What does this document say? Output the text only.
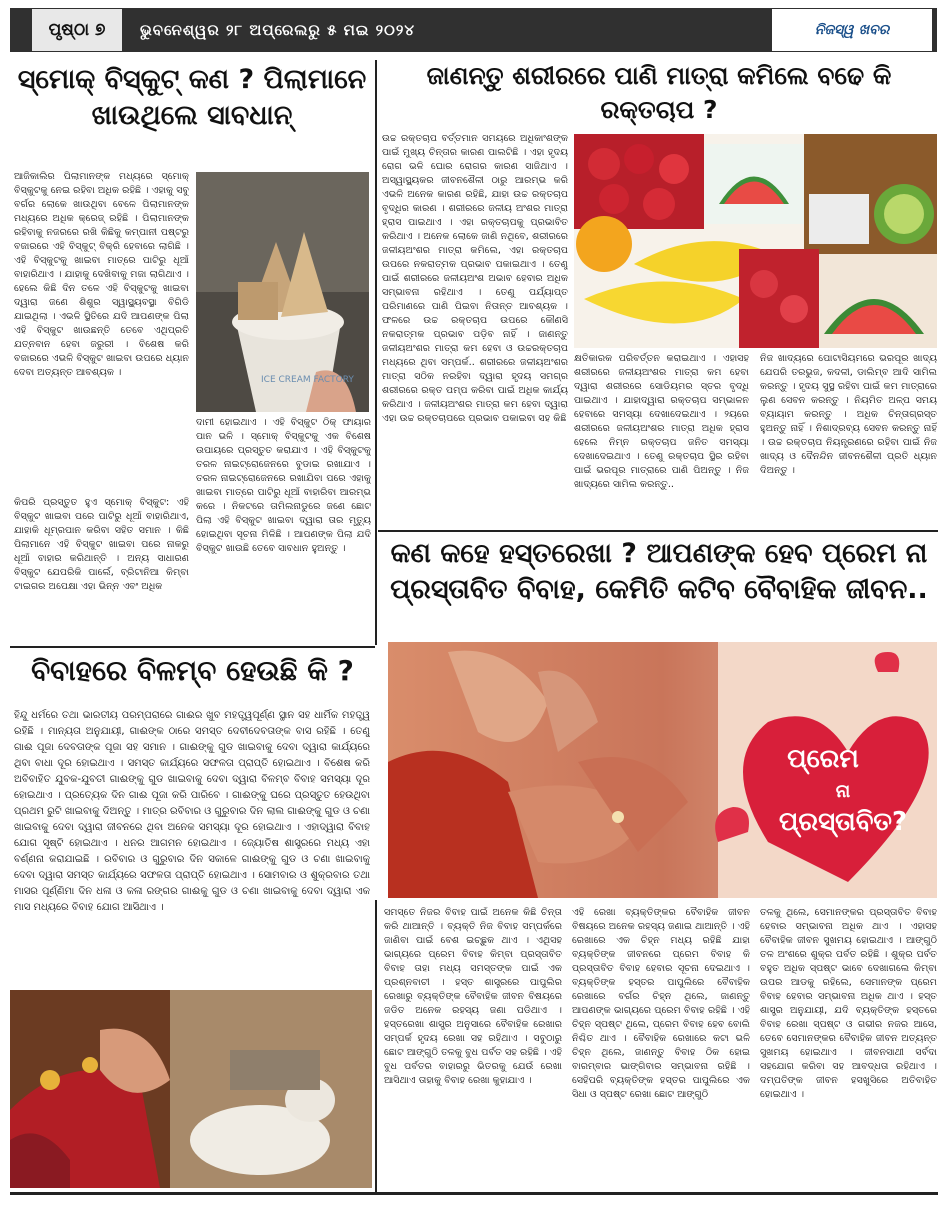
ପୃଷ୍ଠା ୭	ଭୁବନେଶ୍ୱର ୨୮ ଅପ୍ରେଲରୁ ୫ ମଇ ୨୦୨୪	ନିଜସ୍ୱ ଖବର
ସ୍ମୋକ୍ ବିସ୍କୁଟ୍ କଣ ? ପିଲାମାନେ ଖାଉଥିଲେ ସାବଧାନ୍
ଆଜିକାଲିର ପିଲାମାନଙ୍କ ମଧ୍ୟରେ ସ୍ମୋକ୍ ବିସ୍କୁଟକୁ ନେଇ ରହିବା ଅଧିକ ରହିଛି । ଏହାକୁ ସବୁ ବର୍ଗର ଲୋକେ ଖାଉଥିବା ବେଳେ ପିଲାମାନଙ୍କ ମଧ୍ୟରେ ଅଧିକ କ୍ରେଜ୍ ରହିଛି । ପିଲାମାନଙ୍କ ରହିବାକୁ ନଜରରେ ରଖି କିଛିକୁ କମ୍ପାନୀ ପଷ୍ଟରୁ ବଜାରରେ ଏହି ବିସ୍କୁଟ୍ ବିକ୍ରି ହେବାରେ ଲାଗିଛି । ଏହି ବିସ୍କୁଟକୁ ଖାଇବା ମାତ୍ରେ ପାଟିରୁ ଧୂଆଁ ବାହାରିଥାଏ । ଯାହାକୁ ଦେଖିବାକୁ ମଜା ଲାଗିଥାଏ । ହେଲେ କିଛି ଦିନ ତଳେ ଏହି ବିସ୍କୁଟକୁ ଖାଇବା ଦ୍ୱାରା ଜଣେ ଶିଶୁର ସ୍ୱାସ୍ଥ୍ୟବସ୍ଥା ବିଗିଡି ଯାଇଥିଲା । ଏଭଳି ସ୍ଥିତିରେ ଯଦି ଆପଣଙ୍କ ପିଲା ଏହି ବିସ୍କୁଟ ଖାଉଛନ୍ତି ତେବେ ଏଥିପ୍ରତି ଯତ୍ନବାନ ହେବା ଜରୁରୀ । ବିଶେଷ କରି ବଜାରରେ ଏଭଳି ବିସ୍କୁଟ ଖାଇବା ଉପରେ ଧ୍ୟାନ ଦେବା ଅତ୍ୟନ୍ତ ଆବଶ୍ୟକ ।
ICE CREAM FACTORY
କିପରି ପ୍ରସ୍ତୁତ ହୁଏ ସ୍ମୋକ୍ ବିସ୍କୁଟ: ଏହି ବିସ୍କୁଟ ଖାଇବା ପରେ ପାଟିରୁ ଧୂଆଁ ବାହାରିଥାଏ, ଯାହାକି ଧୂମ୍ରପାନ କରିବା ସହିତ ସମାନ । କିଛି ପିଲାମାନେ ଏହି ବିସ୍କୁଟ ଖାଇବା ପରେ ନାକରୁ ଧୂଆଁ ବାହାର କରିଥାନ୍ତି । ଅନ୍ୟ ସାଧାରଣ ବିସ୍କୁଟ ଯେପରିକି ପାର୍ଲେ, ବ୍ରିଟାନିଆ କିମ୍ବା ଟାଇଗର ଅପେକ୍ଷା ଏହା ଭିନ୍ନ ଏବଂ ଅଧିକ
ଦାମୀ ହୋଇଥାଏ । ଏହି ବିସ୍କୁଟ ଠିକ୍ ଫାୟାର ପାନ ଭଳି । ସ୍ମୋକ୍ ବିସ୍କୁଟକୁ ଏକ ବିଶେଷ ଉପାୟରେ ପ୍ରସ୍ତୁତ କରାଯାଏ । ଏହି ବିସ୍କୁଟକୁ ତରଳ ନାଇଟ୍ରୋଜେନରେ ବୁଡାଇ ରଖାଯାଏ । ତରଳ ନାଇଟ୍ରୋଜେନରେ ରଖାଯିବା ପରେ ଏହାକୁ ଖାଇବା ମାତ୍ରେ ପାଟିରୁ ଧୂଆଁ ବାହାରିବା ଆରମ୍ଭ କରେ । ନିକଟରେ ତାମିଲନାଡୁରେ ଜଣେ ଛୋଟ ପିଲା ଏହି ବିସ୍କୁଟ ଖାଇବା ଦ୍ୱାରା ତାର ମୃତ୍ୟୁ ହୋଇଥିବା ସୂଚନା ମିଳିଛି । ଆପଣଙ୍କ ପିଲା ଯଦି ବିସ୍କୁଟ ଖାଉଛି ତେବେ ସାବଧାନ ହୁଅନ୍ତୁ ।
ଜାଣନ୍ତୁ ଶରୀରରେ ପାଣି ମାତ୍ରା କମିଲେ ବଢେ କି ରକ୍ତଚାପ ?
ଉଚ୍ଚ ରକ୍ତଚାପ ବର୍ତ୍ତମାନ ସମୟରେ ଅଧିକାଂଶଙ୍କ ପାଇଁ ମୁଖ୍ୟ ଚିନ୍ତାର କାରଣ ପାଲଟିଛି । ଏହା ହୃଦୟ ରୋଗ ଭଳି ଘୋର ରୋଗର କାରଣ ସାଜିଥାଏ । ଅସ୍ୱାସ୍ଥ୍ୟକର ଜୀବନଶୈଳୀ ଠାରୁ ଆରମ୍ଭ କରି ଏଭଳି ଅନେକ କାରଣ ରହିଛି, ଯାହା ଉଚ୍ଚ ରକ୍ତଚାପ ବୃଦ୍ଧିର କାରଣ । ଶରୀରରେ ଜଳୀୟ ଅଂଶର ମାତ୍ରା ହ୍ରାସ ପାଇଥାଏ । ଏହା ରକ୍ତଚାପକୁ ପ୍ରଭାବିତ କରିଥାଏ । ଅନେକ ଲୋକେ ଜାଣି ନଥିବେ, ଶରୀରରେ ଜଳୀୟଅଂଶର ମାତ୍ରା କମିଲେ, ଏହା ରକ୍ତଚାପ ଉପରେ ନକରାତ୍ମକ ପ୍ରଭାବ ପକାଇଥାଏ । ତେଣୁ ପାଇଁ ଶରୀରରେ ଜଳୀୟଅଂଶ ଅଭାବ ହେବାର ଅଧିକ ସମ୍ଭାବନା ରହିଥାଏ । ତେଣୁ ପର୍ଯ୍ୟାପ୍ତ ପରିମାଣରେ ପାଣି ପିଇବା ନିତାନ୍ତ ଆବଶ୍ୟକ । ଫଳରେ ଉଚ୍ଚ ରକ୍ତଚାପ ଉପରେ କୌଣସି ନକରାତ୍ମକ ପ୍ରଭାବ ପଡ଼ିବ ନାହିଁ । ଜାଣନ୍ତୁ ଜଳୀୟଅଂଶର ମାତ୍ରା କମ ହେବା ଓ ଉଚ୍ଚରକ୍ତଚାପ ମଧ୍ୟରେ ଥିବା ସମ୍ପର୍କ.. ଶରୀରରେ ଜଳୀୟଅଂଶର ମାତ୍ରା ସଠିକ ନରହିବା ଦ୍ୱାରା ହୃଦୟ ସମଗ୍ର ଶରୀରରେ ରକ୍ତ ପମ୍ପ କରିବା ପାଇଁ ଅଧିକ କାର୍ଯ୍ୟ କରିଥାଏ । ଜଳୀୟଅଂଶର ମାତ୍ରା କମ ହେବା ଦ୍ୱାରା ଏହା ଉଚ୍ଚ ରକ୍ତଚାପରେ ପ୍ରଭାବ ପକାଇବା ସହ କିଛି
କ୍ଷତିକାରକ ପରିବର୍ତ୍ତନ କରାଇଥାଏ । ଏହାସହ ଶରୀରରେ ଜଳୀୟଅଂଶର ମାତ୍ରା କମ ହେବା ଦ୍ୱାରା ଶରୀରରେ ସୋଡିୟମର ସ୍ତର ବୃଦ୍ଧି ପାଇଥାଏ । ଯାହାଦ୍ୱାରା ରକ୍ତଚାପ ସମ୍ଭାଳନ ହେବାରେ ସମସ୍ୟା ଦେଖାଦେଇଥାଏ । ୨ୟରେ ଶରୀରରେ ଜଳୀୟଅଂଶର ମାତ୍ରା ଅଧିକ ହ୍ରାସ ହେଲେ ନିମ୍ନ ରକ୍ତଚାପ ଜନିତ ସମସ୍ୟା ଦେଖାଦେଇଥାଏ । ତେଣୁ ରକ୍ତଚାପ ସ୍ଥିର ରହିବା ପାଇଁ ଭରପୂର ମାତ୍ରାରେ ପାଣି ପିଅନ୍ତୁ । ନିଜ ଖାଦ୍ୟରେ ସାମିଲ କରନ୍ତୁ..
ନିଜ ଖାଦ୍ୟରେ ପୋଟାସିୟମରେ ଭରପୂର ଖାଦ୍ୟ ଯେପରି ତରଭୁଜ, କଦଳୀ, ଡାଲିମ୍ବ ଆଦି ସାମିଲ କରନ୍ତୁ । ହୃଦୟ ସୁସ୍ଥ ରହିବା ପାଇଁ କମ ମାତ୍ରାରେ ଲୁଣ ସେବନ କରନ୍ତୁ । ନିୟମିତ ଅଳ୍ପ ସମୟ ବ୍ୟାୟାମ କରନ୍ତୁ । ଅଧିକ ଚିନ୍ତାଗ୍ରସ୍ତ ହୁଅନ୍ତୁ ନାହିଁ । ନିଶାଦ୍ରବ୍ୟ ସେବନ କରନ୍ତୁ ନାହିଁ । ଉଚ୍ଚ ରକ୍ତଚାପ ନିୟନ୍ତ୍ରଣରେ ରହିବା ପାଇଁ ନିଜ ଖାଦ୍ୟ ଓ ଦୈନନ୍ଦିନ ଜୀବନଶୈଳୀ ପ୍ରତି ଧ୍ୟାନ ଦିଅନ୍ତୁ ।
ବିବାହରେ ବିଳମ୍ବ ହେଉଛି କି ?
ହିନ୍ଦୁ ଧର୍ମରେ ତଥା ଭାରତୀୟ ପରମ୍ପରାରେ ଗାଈର ଖୁବ ମହତ୍ତ୍ୱପୂର୍ଣ୍ଣ ସ୍ଥାନ ସହ ଧାର୍ମିକ ମହତ୍ତ୍ୱ ରହିଛି । ମାନ୍ୟତା ଅନୁଯାୟୀ, ଗାଈଙ୍କ ଠାରେ ସମସ୍ତ ଦେବୀଦେବତାଙ୍କ ବାସ ରହିଛି । ତେଣୁ ଗାଈ ପୂଜା ଦେବତାଙ୍କ ପୂଜା ସହ ସମାନ । ଗାଈଙ୍କୁ ଗୁଡ ଖାଇବାକୁ ଦେବା ଦ୍ୱାରା କାର୍ଯ୍ୟରେ ଥିବା ବାଧା ଦୂର ହୋଇଥାଏ । ସମସ୍ତ କାର୍ଯ୍ୟରେ ସଫଳତା ପ୍ରାପ୍ତି ହୋଇଥାଏ । ବିଶେଷ କରି ଅବିବାହିତ ଯୁବକ-ଯୁବତୀ ଗାଈଙ୍କୁ ଗୁଡ ଖାଇବାକୁ ଦେବା ଦ୍ୱାରା ବିଳମ୍ବ ବିବାହ ସମସ୍ୟା ଦୂର ହୋଇଥାଏ । ପ୍ରତ୍ୟେକ ଦିନ ଗାଈ ପୂଜା କରି ପାରିବେ । ଗାଈଙ୍କୁ ଘରେ ପ୍ରସ୍ତୁତ ହେଉଥିବା ପ୍ରଥମ ରୁଟି ଖାଇବାକୁ ଦିଅନ୍ତୁ । ମାତ୍ର ରବିବାର ଓ ଗୁରୁବାର ଦିନ ଲାଲ ଗାଈଙ୍କୁ ଗୁଡ ଓ ଚଣା ଖାଇବାକୁ ଦେବା ଦ୍ୱାରା ଜୀବନରେ ଥିବା ଅନେକ ସମସ୍ୟା ଦୂର ହୋଇଥାଏ । ଏହାଦ୍ୱାରା ବିବାହ ଯୋଗ ସୃଷ୍ଟି ହୋଇଥାଏ । ଧନର ଆଗମନ ହୋଇଥାଏ । ଜ୍ୟୋତିଷ ଶାସ୍ତ୍ରରେ ମଧ୍ୟ ଏହା ବର୍ଣ୍ଣନା କରାଯାଇଛି । ରବିବାର ଓ ଗୁରୁବାର ଦିନ ସକାଳେ ଗାଈଙ୍କୁ ଗୁଡ ଓ ଚଣା ଖାଇବାକୁ ଦେବା ଦ୍ୱାରା ସମସ୍ତ କାର୍ଯ୍ୟରେ ସଫଳତା ପ୍ରାପ୍ତି ହୋଇଥାଏ । ସୋମବାର ଓ ଶୁକ୍ରବାର ତଥା ମାସର ପୂର୍ଣ୍ଣିମା ଦିନ ଧଳା ଓ କଳା ରଙ୍ଗର ଗାଈକୁ ଗୁଡ ଓ ଚଣା ଖାଇବାକୁ ଦେବା ଦ୍ୱାରା ଏକ ମାସ ମଧ୍ୟରେ ବିବାହ ଯୋଗ ଆସିଥାଏ ।
କଣ କହେ ହସ୍ତରେଖା ? ଆପଣଙ୍କ ହେବ ପ୍ରେମ ନା ପ୍ରସ୍ତାବିତ ବିବାହ, କେମିତି କଟିବ ବୈବାହିକ ଜୀବନ..
ପ୍ରେମ
ନା
ପ୍ରସ୍ତାବିତ?
ସମସ୍ତେ ନିଜର ବିବାହ ପାଇଁ ଅନେକ କିଛି ଚିନ୍ତା କରି ଥାଆନ୍ତି । ବ୍ୟକ୍ତି ନିଜ ବିବାହ ସମ୍ପର୍କରେ ଜାଣିବା ପାଇଁ ବେଶ ଇଚ୍ଛୁକ ଥାଏ । ଏଥିସହ ଭାଗ୍ୟରେ ପ୍ରେମ ବିବାହ କିମ୍ବା ପ୍ରସ୍ତାବିତ ବିବାହ ତାହା ମଧ୍ୟ ସମସ୍ତଙ୍କ ପାଇଁ ଏକ ପ୍ରଶ୍ନବାଚୀ । ହସ୍ତ ଶାସ୍ତ୍ରରେ ପାପୁଲିର ରେଖାରୁ ବ୍ୟକ୍ତିଙ୍କ ବୈବାହିକ ଜୀବନ ବିଷୟରେ ଜଡିତ ଅନେକ ରହସ୍ୟ ଜଣା ପଡିଥାଏ । ହସ୍ତରେଖା ଶାସ୍ତ୍ର ଅନୁସାରେ ବୈବାହିକ ରେଖାର ସମ୍ପର୍କ ହୃଦୟ ରେଖା ସହ ରହିଥାଏ । ସବୁଠାରୁ ଛୋଟ ଆଙ୍ଗୁଠି ତଳକୁ ବୁଧ ପର୍ବତ ସହ ରହିଛି । ଏହି ବୁଧ ପର୍ବତର ବାହାରରୁ ଭିତରକୁ ଯେଉଁ ରେଖା ଆସିଥାଏ ତାହାକୁ ବିବାହ ରେଖା କୁହାଯାଏ ।
ଏହି ରେଖା ବ୍ୟକ୍ତିଙ୍କର ବୈବାହିକ ଜୀବନ ବିଷୟରେ ଅନେକ ରହସ୍ୟ ଜଣାଇ ଥାଆନ୍ତି । ଏହି ରେଖାରେ ଏକ ଚିହ୍ନ ମଧ୍ୟ ରହିଛି ଯାହା ବ୍ୟକ୍ତିଙ୍କ ଜୀବନରେ ପ୍ରେମ ବିବାହ କି ପ୍ରସ୍ତାବିତ ବିବାହ ହେବାର ସୂଚନା ଦେଇଥାଏ । ବ୍ୟକ୍ତିଙ୍କ ହସ୍ତର ପାପୁଲିରେ ବୈବାହିକ ରେଖାରେ ବର୍ଗର ଚିହ୍ନ ଥିଲେ, ଜାଣନ୍ତୁ ଆପଣଙ୍କ ଭାଗ୍ୟରେ ପ୍ରେମ ବିବାହ ରହିଛି । ଏହି ଚିହ୍ନ ସ୍ପଷ୍ଟ ଥିଲେ, ପ୍ରେମ ବିବାହ ହେବ ବୋଲି ନିଶ୍ଚିତ ଥାଏ । ବୈବାହିକ ରେଖାରେ କଟା ଭଳି ଚିହ୍ନ ଥିଲେ, ଜାଣନ୍ତୁ ବିବାହ ଠିକ ହୋଇ ବାରମ୍ବାର ଭାଙ୍ଗିବାର ସମ୍ଭାବନା ରହିଛି । ସେହିପରି ବ୍ୟକ୍ତିଙ୍କ ହସ୍ତର ପାପୁଲିରେ ଏକ ସିଧା ଓ ସ୍ପଷ୍ଟ ରେଖା ଛୋଟ ଆଙ୍ଗୁଠି
ତଳକୁ ଥିଲେ, ସେମାନଙ୍କର ପ୍ରସ୍ତାବିତ ବିବାହ ହେବାର ସମ୍ଭାବନା ଅଧିକ ଥାଏ । ଏହାସହ ବୈବାହିକ ଜୀବନ ସୁଖମୟ ହୋଇଥାଏ । ଆଙ୍ଗୁଠି ତଳ ଅଂଶରେ ଶୁକ୍ର ପର୍ବତ ରହିଛି । ଶୁକ୍ର ପର୍ବତ ବହୁତ ଅଧିକ ସ୍ପଷ୍ଟ ଭାବେ ଦେଖାଗଲେ କିମ୍ବା ଉପର ଆଡକୁ ରହିଲେ, ସେମାନଙ୍କ ପ୍ରେମ ବିବାହ ହେବାର ସମ୍ଭାବନା ଅଧିକ ଥାଏ । ହସ୍ତ ଶାସ୍ତ୍ର ଅନୁଯାୟୀ, ଯଦି ବ୍ୟକ୍ତିଙ୍କ ହସ୍ତରେ ବିବାହ ରେଖା ସ୍ପଷ୍ଟ ଓ ଗଭୀର ନଜର ଆସେ, ତେବେ ସେମାନଙ୍କର ବୈବାହିକ ଜୀବନ ଅତ୍ୟନ୍ତ ସୁଖମୟ ହୋଇଥାଏ । ଜୀବନସାଥୀ ସର୍ବଦା ସହଯୋଗ କରିବା ସହ ଆବଦ୍ଧତା ରହିଥାଏ । ଦମ୍ପତିଙ୍କ ଜୀବନ ହସଖୁସିରେ ଅତିବାହିତ ହୋଇଥାଏ ।
